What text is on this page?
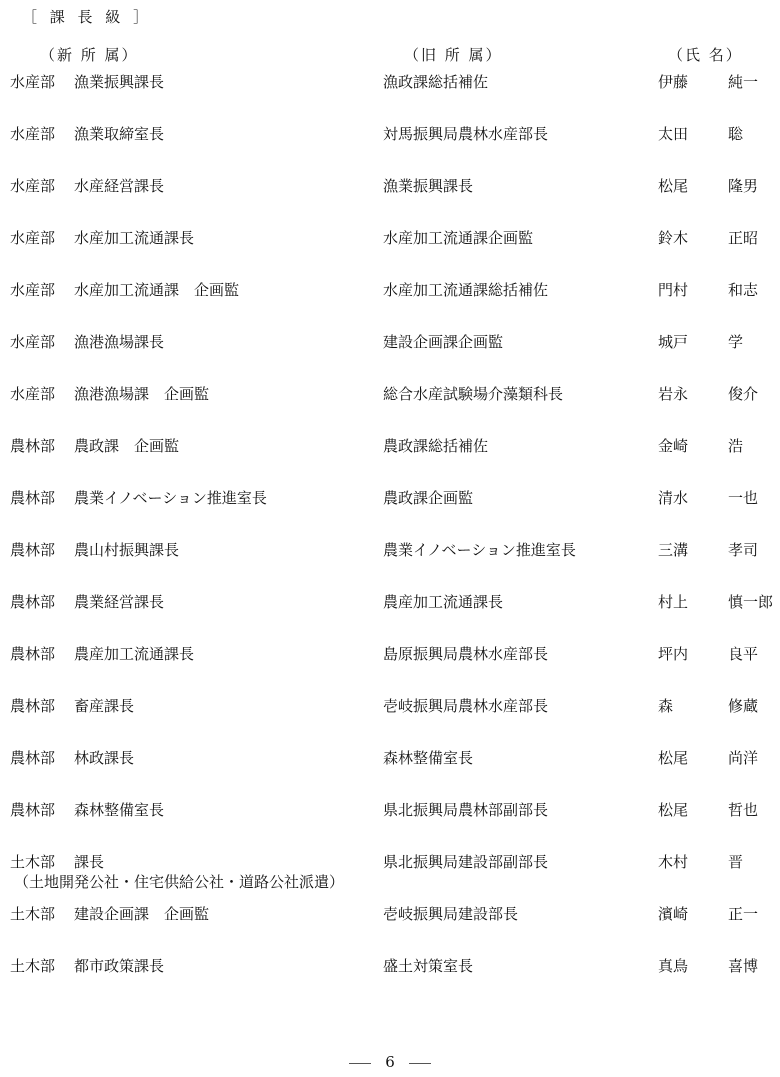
［ 課 長 級 ］
（新 所 属）	（旧 所 属）	（氏 名）
水産部 漁業振興課長	漁政課総括補佐	伊藤	純一
水産部 漁業取締室長	対馬振興局農林水産部長	太田	聡
水産部 水産経営課長	漁業振興課長	松尾	隆男
水産部 水産加工流通課長	水産加工流通課企画監	鈴木	正昭
水産部 水産加工流通課　企画監	水産加工流通課総括補佐	門村	和志
水産部 漁港漁場課長	建設企画課企画監	城戸	学
水産部 漁港漁場課　企画監	総合水産試験場介藻類科長	岩永	俊介
農林部 農政課　企画監	農政課総括補佐	金崎	浩
農林部 農業イノベーション推進室長	農政課企画監	清水	一也
農林部 農山村振興課長	農業イノベーション推進室長	三溝	孝司
農林部 農業経営課長	農産加工流通課長	村上	慎一郎
農林部 農産加工流通課長	島原振興局農林水産部長	坪内	良平
農林部 畜産課長	壱岐振興局農林水産部長	森	修蔵
農林部 林政課長	森林整備室長	松尾	尚洋
農林部 森林整備室長	県北振興局農林部副部長	松尾	哲也
土木部 課長	県北振興局建設部副部長	木村	晋
（土地開発公社・住宅供給公社・道路公社派遣）
土木部 建設企画課　企画監	壱岐振興局建設部長	濱崎	正一
土木部 都市政策課長	盛土対策室長	真鳥	喜博
6
